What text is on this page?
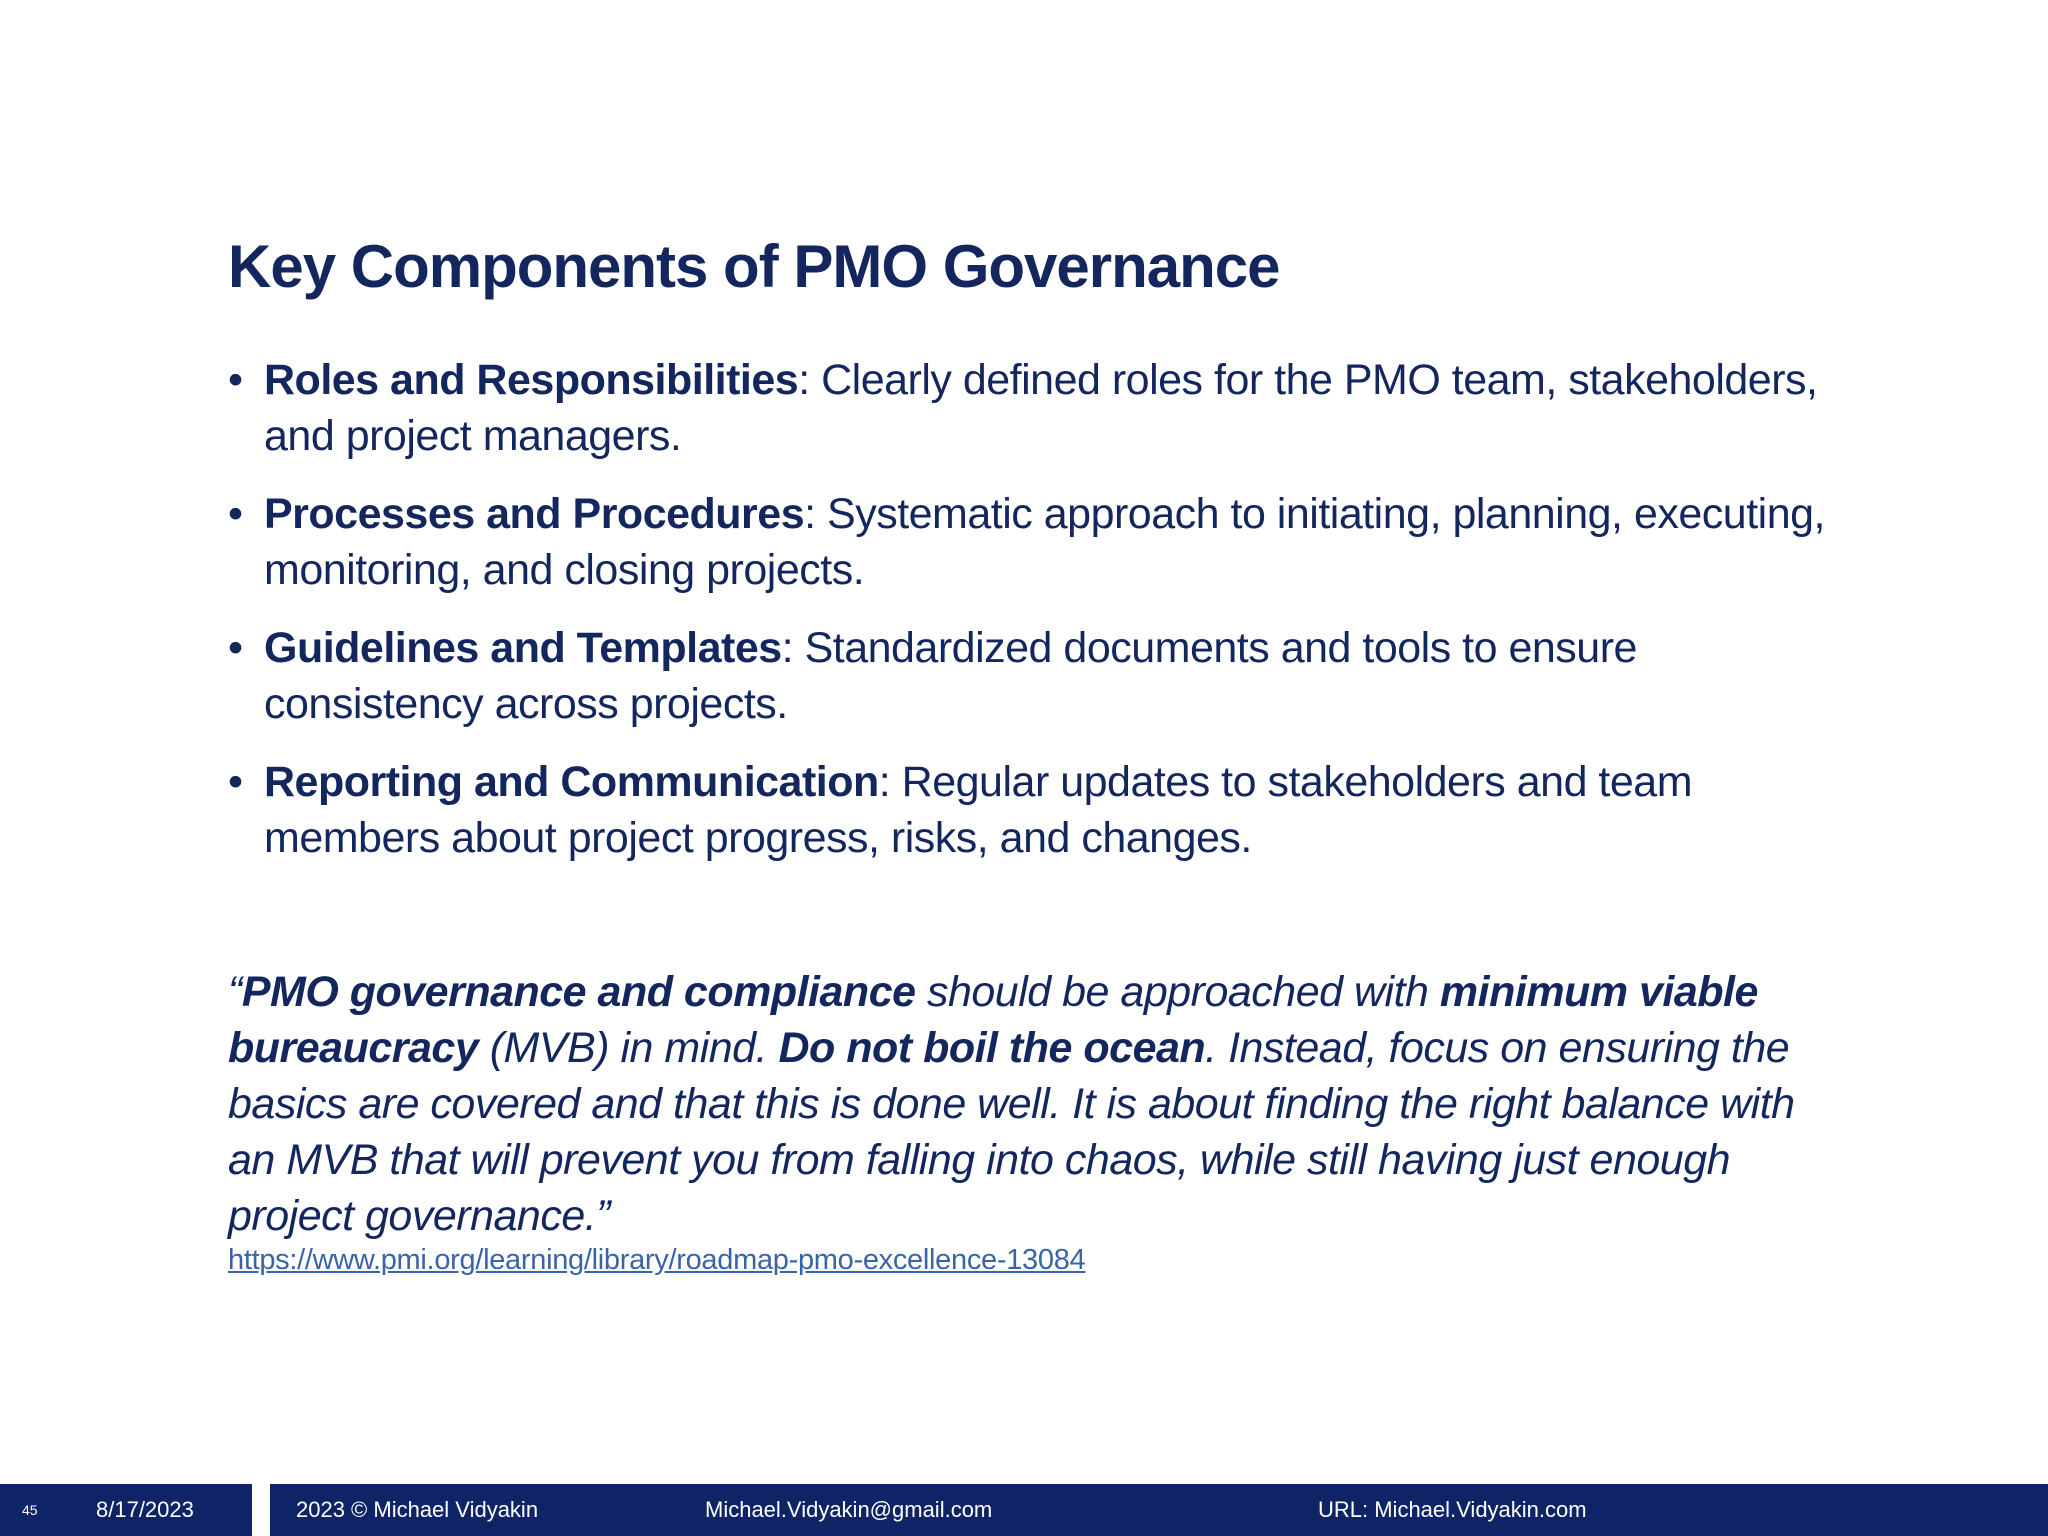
Key Components of PMO Governance
• Roles and Responsibilities: Clearly defined roles for the PMO team, stakeholders, and project managers.
• Processes and Procedures: Systematic approach to initiating, planning, executing, monitoring, and closing projects.
• Guidelines and Templates: Standardized documents and tools to ensure consistency across projects.
• Reporting and Communication: Regular updates to stakeholders and team members about project progress, risks, and changes.

“PMO governance and compliance should be approached with minimum viable bureaucracy (MVB) in mind. Do not boil the ocean. Instead, focus on ensuring the basics are covered and that this is done well. It is about finding the right balance with an MVB that will prevent you from falling into chaos, while still having just enough project governance.”

https://www.pmi.org/learning/library/roadmap-pmo-excellence-13084
45	8/17/2023	2023 © Michael Vidyakin	Michael.Vidyakin@gmail.com	URL: Michael.Vidyakin.com
